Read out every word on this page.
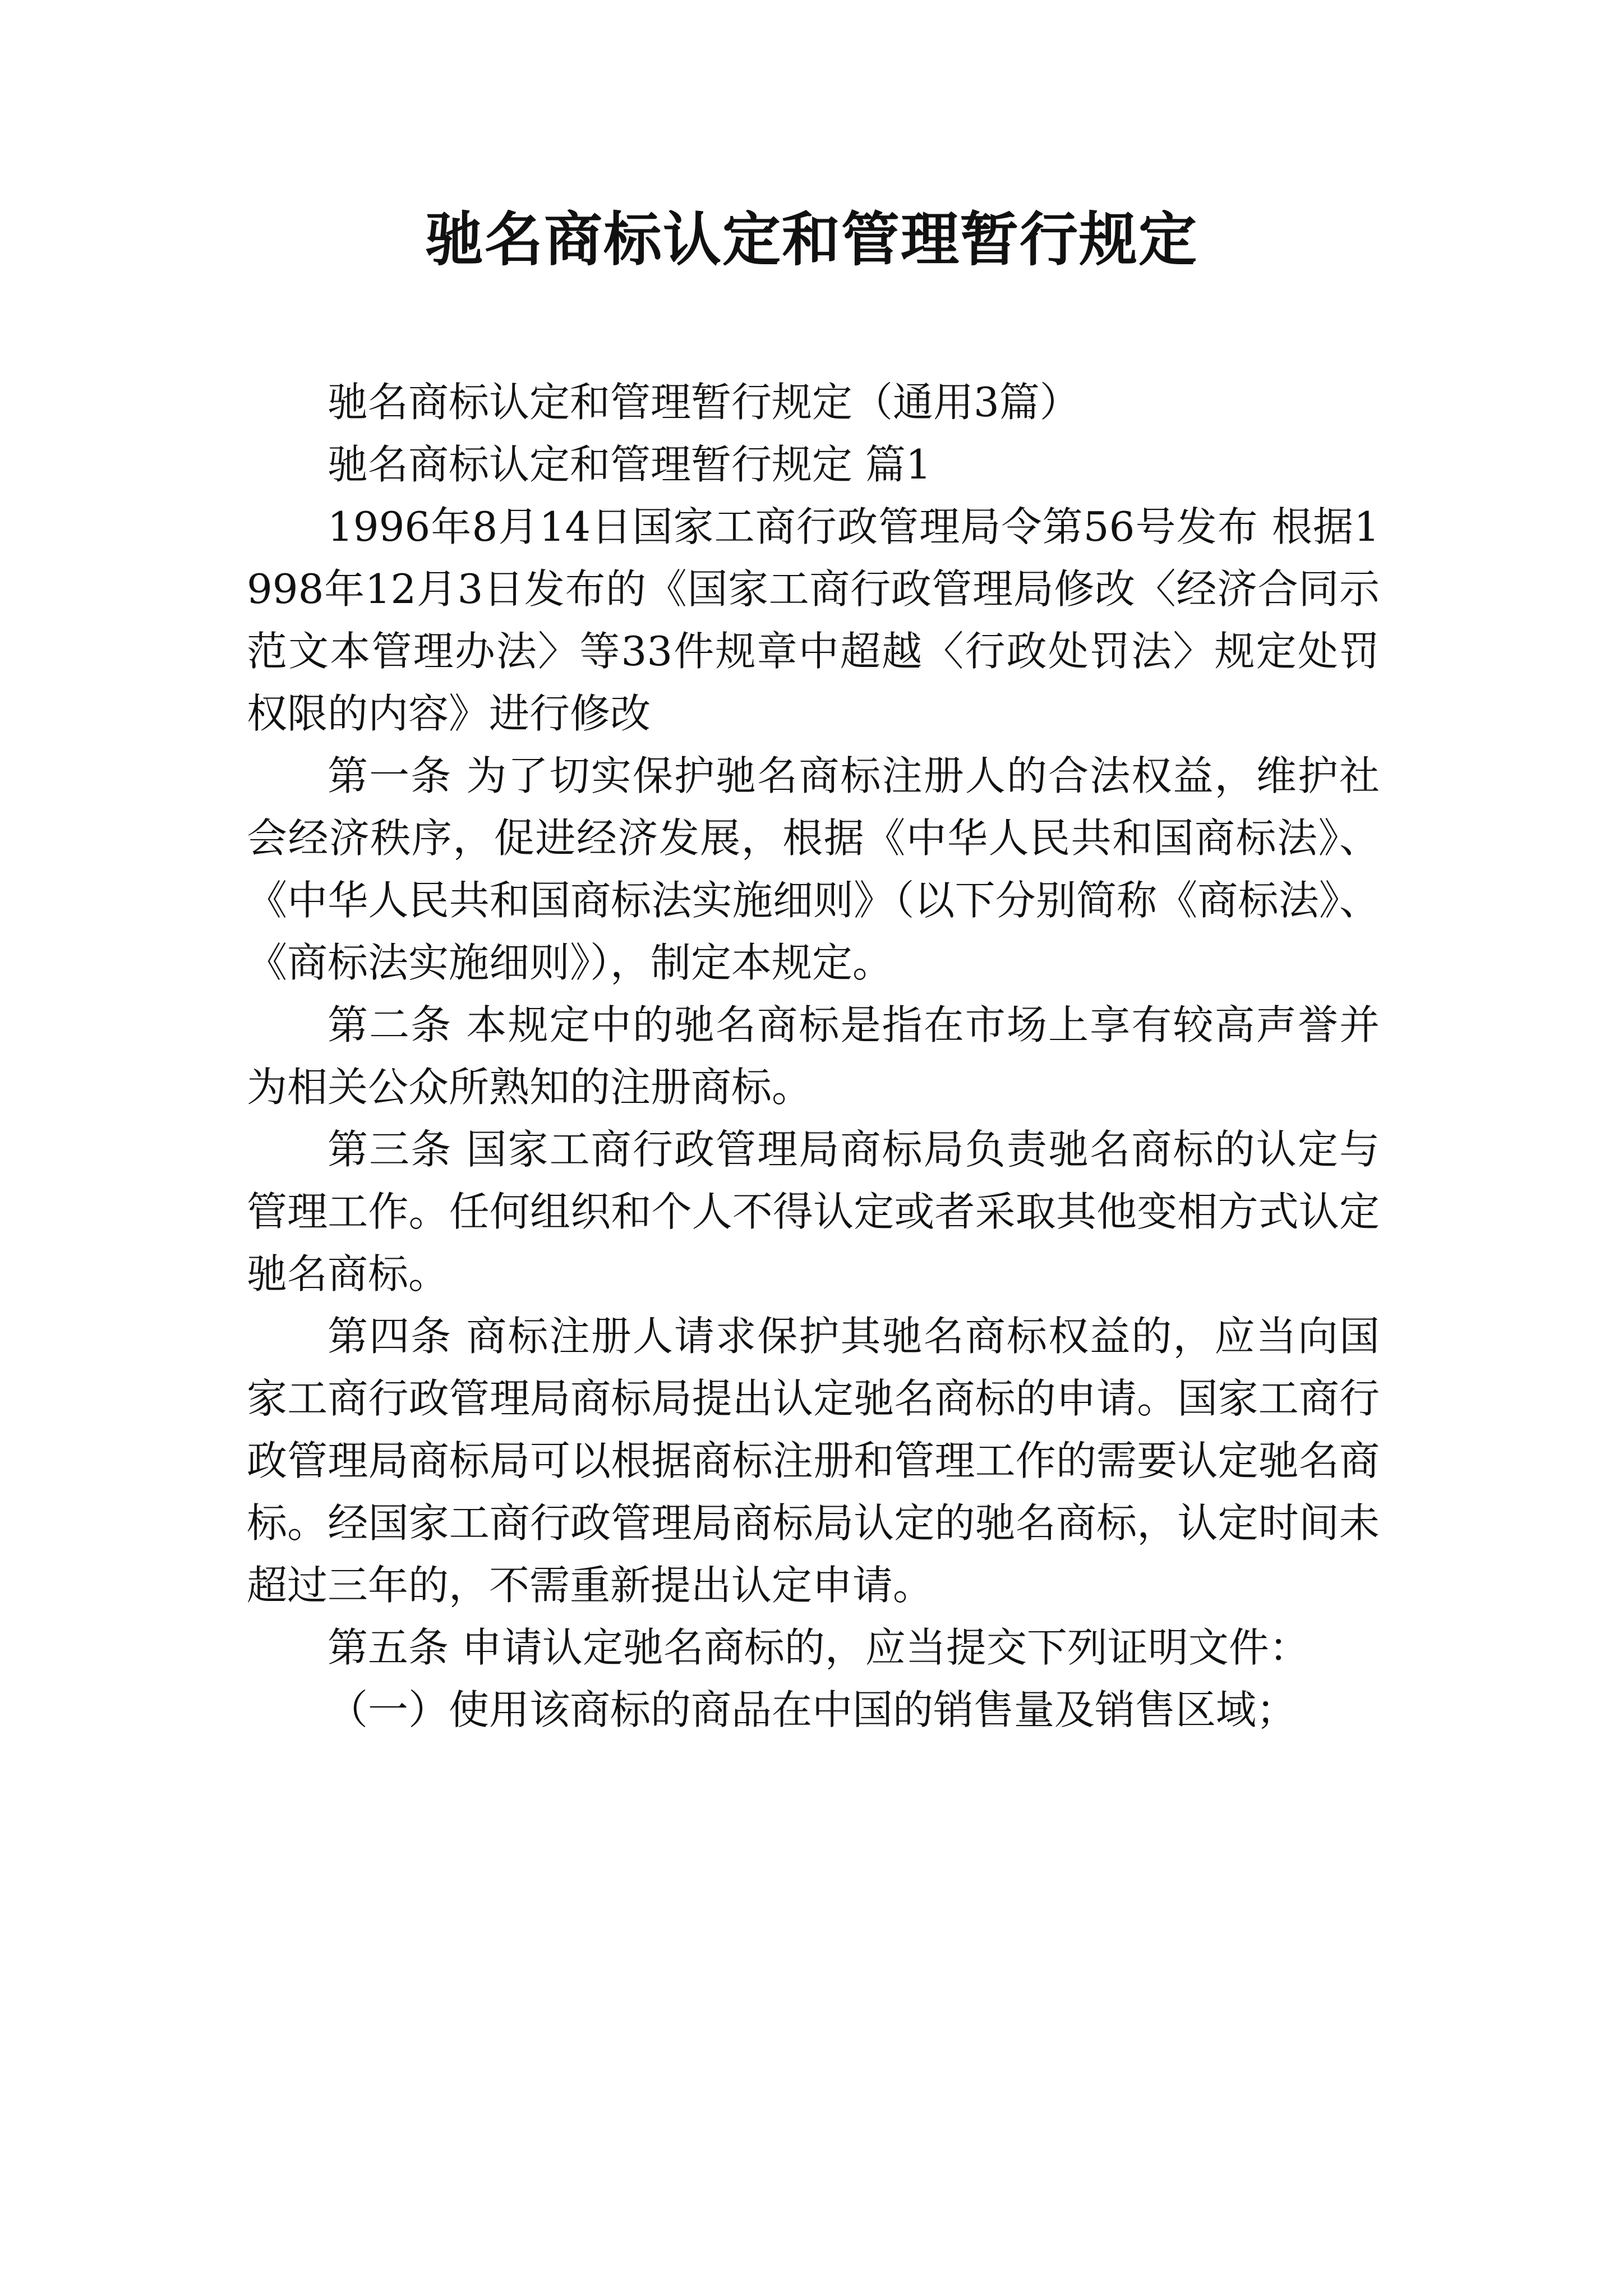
驰名商标认定和管理暂行规定

驰名商标认定和管理暂行规定（通用3篇）

驰名商标认定和管理暂行规定 篇1

1996年8月14日国家工商行政管理局令第56号发布 根据1998年12月3日发布的《国家工商行政管理局修改〈经济合同示范文本管理办法〉等33件规章中超越〈行政处罚法〉规定处罚权限的内容》进行修改

第一条 为了切实保护驰名商标注册人的合法权益，维护社会经济秩序，促进经济发展，根据《中华人民共和国商标法》、《中华人民共和国商标法实施细则》（以下分别简称《商标法》、《商标法实施细则》），制定本规定。

第二条 本规定中的驰名商标是指在市场上享有较高声誉并为相关公众所熟知的注册商标。

第三条 国家工商行政管理局商标局负责驰名商标的认定与管理工作。任何组织和个人不得认定或者采取其他变相方式认定驰名商标。

第四条 商标注册人请求保护其驰名商标权益的，应当向国家工商行政管理局商标局提出认定驰名商标的申请。国家工商行政管理局商标局可以根据商标注册和管理工作的需要认定驰名商标。经国家工商行政管理局商标局认定的驰名商标，认定时间未超过三年的，不需重新提出认定申请。

第五条 申请认定驰名商标的，应当提交下列证明文件：

（一）使用该商标的商品在中国的销售量及销售区域；
